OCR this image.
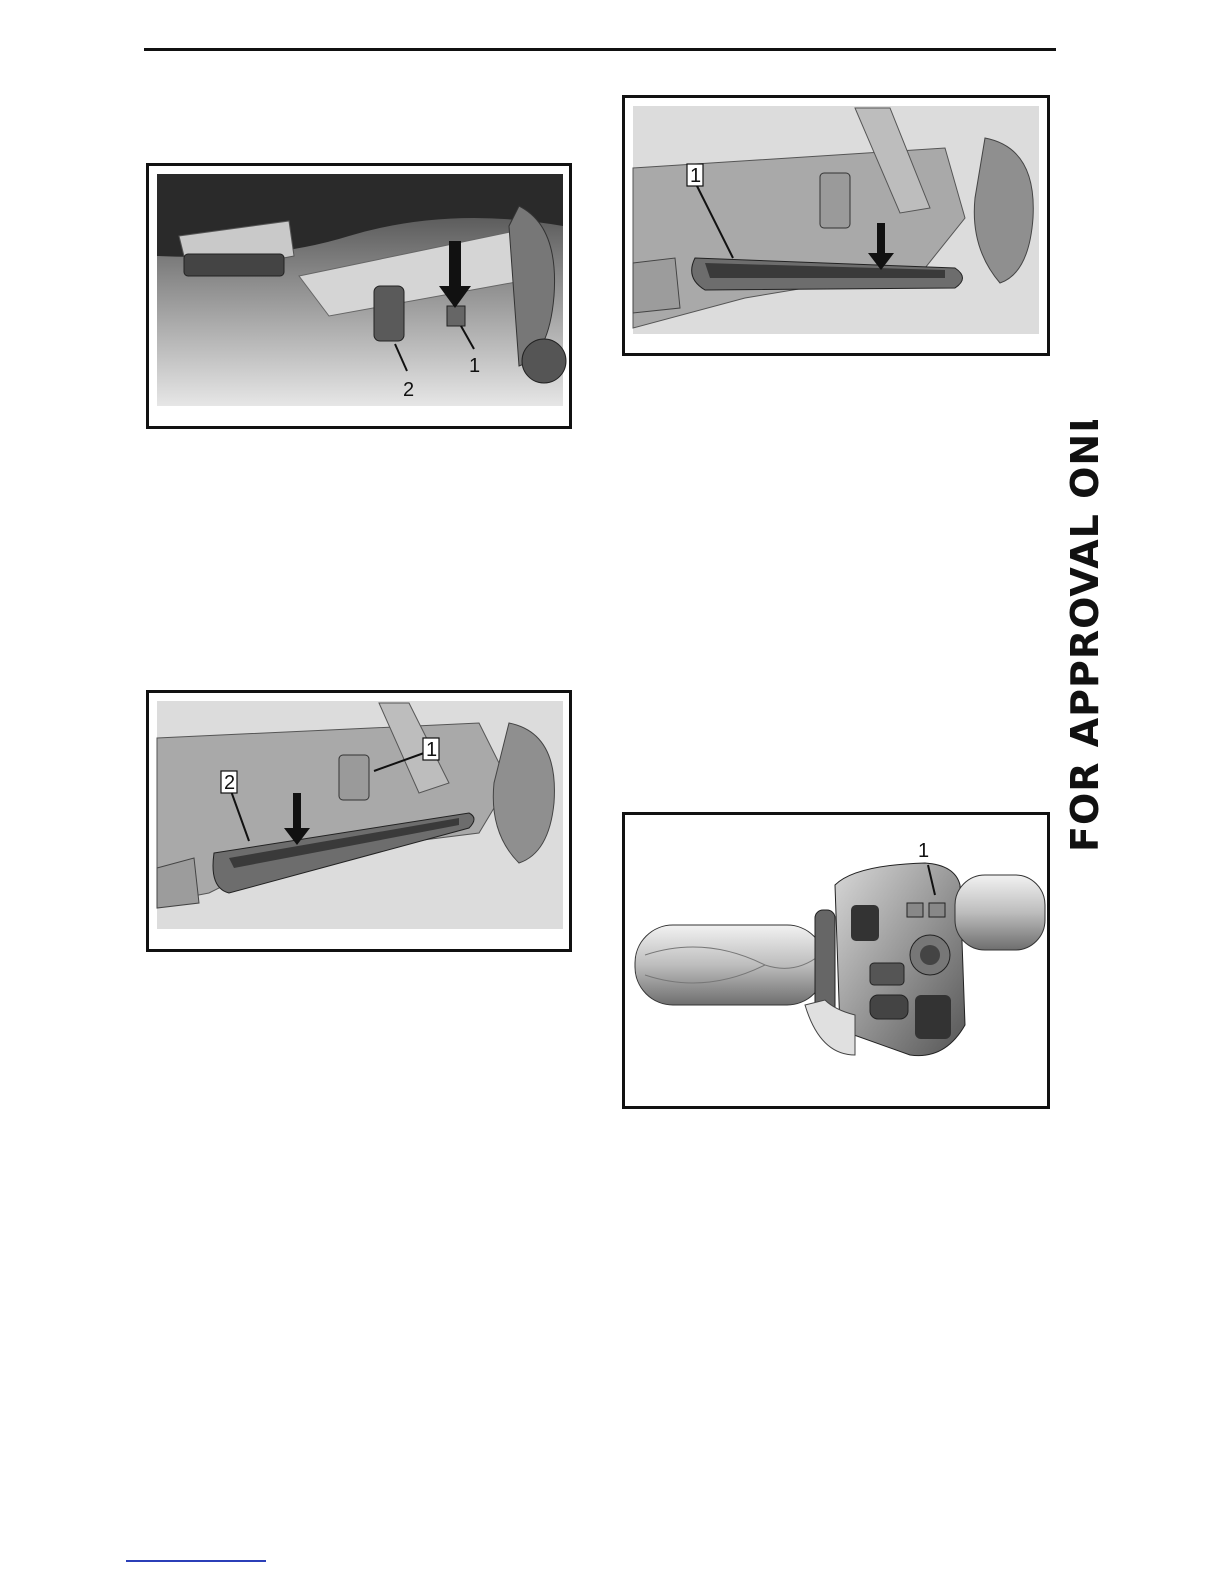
1
2
1
2
1
1	FOR APPROVAL ONLY
